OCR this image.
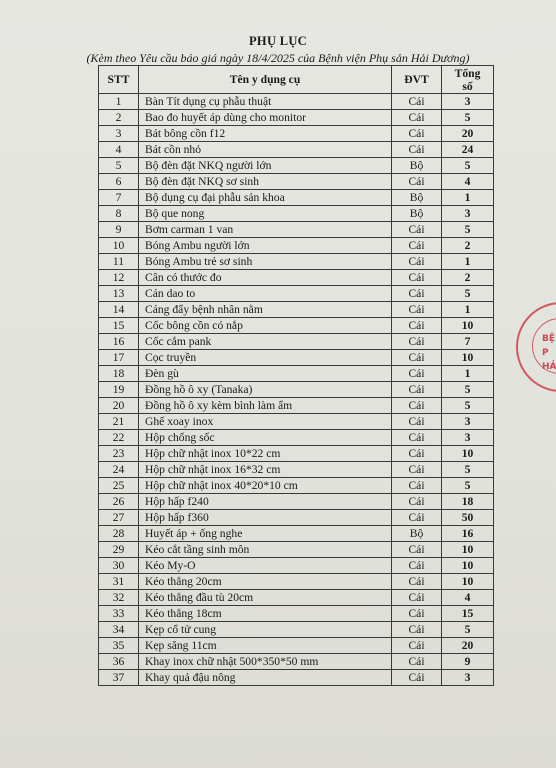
PHỤ LỤC
(Kèm theo Yêu cầu báo giá ngày 18/4/2025 của Bệnh viện Phụ sản Hải Dương)
STT	Tên y dụng cụ	ĐVT	Tổng
số
1	Bàn Tít dụng cụ phẫu thuật	Cái	3
2	Bao đo huyết áp dùng cho monitor	Cái	5
3	Bát bông cồn f12	Cái	20
4	Bát cồn nhỏ	Cái	24
5	Bộ đèn đặt NKQ người lớn	Bộ	5
6	Bộ đèn đặt NKQ sơ sinh	Cái	4
7	Bộ dụng cụ đại phẫu sản khoa	Bộ	1
8	Bộ que nong	Bộ	3
9	Bơm carman 1 van	Cái	5
10	Bóng Ambu người lớn	Cái	2
11	Bóng Ambu trẻ sơ sinh	Cái	1
12	Cân có thước đo	Cái	2
13	Cán dao to	Cái	5
14	Cáng đẩy bệnh nhân nằm	Cái	1
15	Cốc bông cồn có nắp	Cái	10
16	Cốc cắm pank	Cái	7
17	Cọc truyền	Cái	10
18	Đèn gù	Cái	1
19	Đồng hồ ô xy (Tanaka)	Cái	5
20	Đồng hồ ô xy kèm bình làm ẩm	Cái	5
21	Ghế xoay inox	Cái	3
22	Hộp chống sốc	Cái	3
23	Hộp chữ nhật inox 10*22 cm	Cái	10
24	Hộp chữ nhật inox 16*32 cm	Cái	5
25	Hộp chữ nhật inox 40*20*10 cm	Cái	5
26	Hộp hấp f240	Cái	18
27	Hộp hấp f360	Cái	50
28	Huyết áp + ống nghe	Bộ	16
29	Kéo cắt tầng sinh môn	Cái	10
30	Kéo My-O	Cái	10
31	Kéo thẳng 20cm	Cái	10
32	Kéo thẳng đầu tù 20cm	Cái	4
33	Kéo thẳng 18cm	Cái	15
34	Kẹp cổ tử cung	Cái	5
35	Kẹp săng 11cm	Cái	20
36	Khay inox chữ nhật 500*350*50 mm	Cái	9
37	Khay quả đậu nông	Cái	3
BỆ
P
HẢ
